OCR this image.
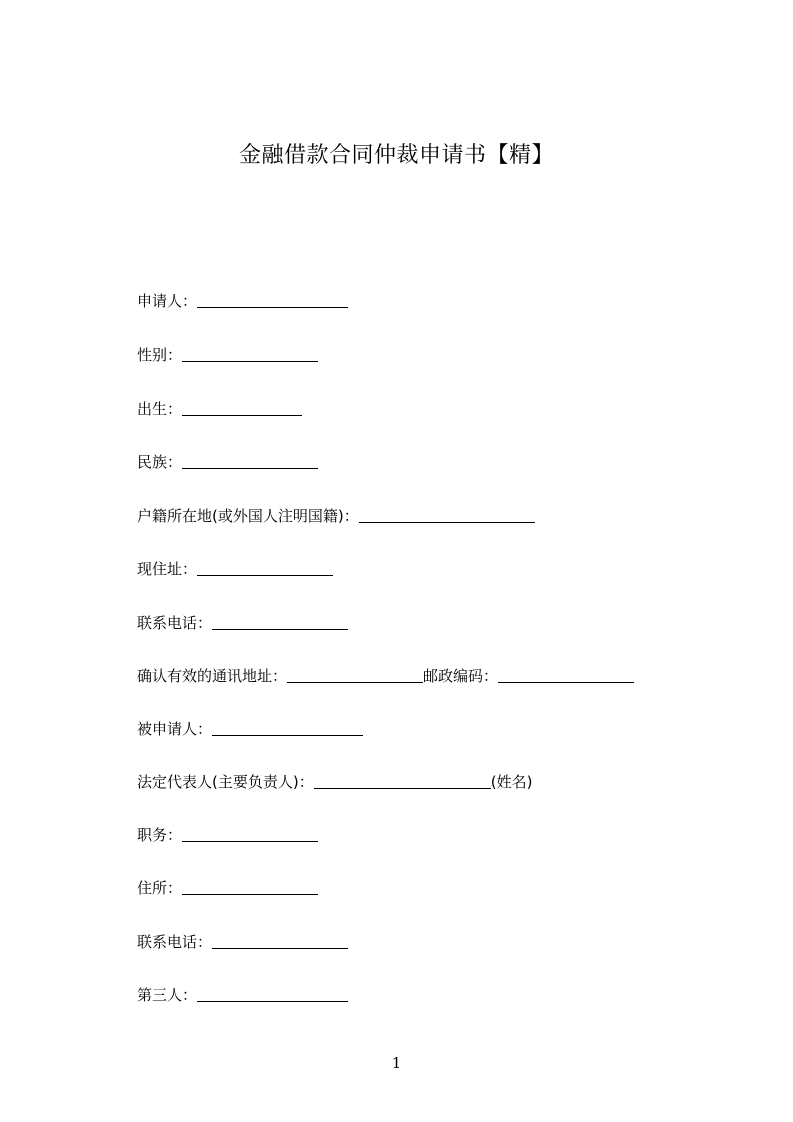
金融借款合同仲裁申请书【精】
申请人：
性别：
出生：
民族：
户籍所在地(或外国人注明国籍)：
现住址：
联系电话：
确认有效的通讯地址：	邮政编码：
被申请人：
法定代表人(主要负责人)：	(姓名)
职务：
住所：
联系电话：
第三人：
1
